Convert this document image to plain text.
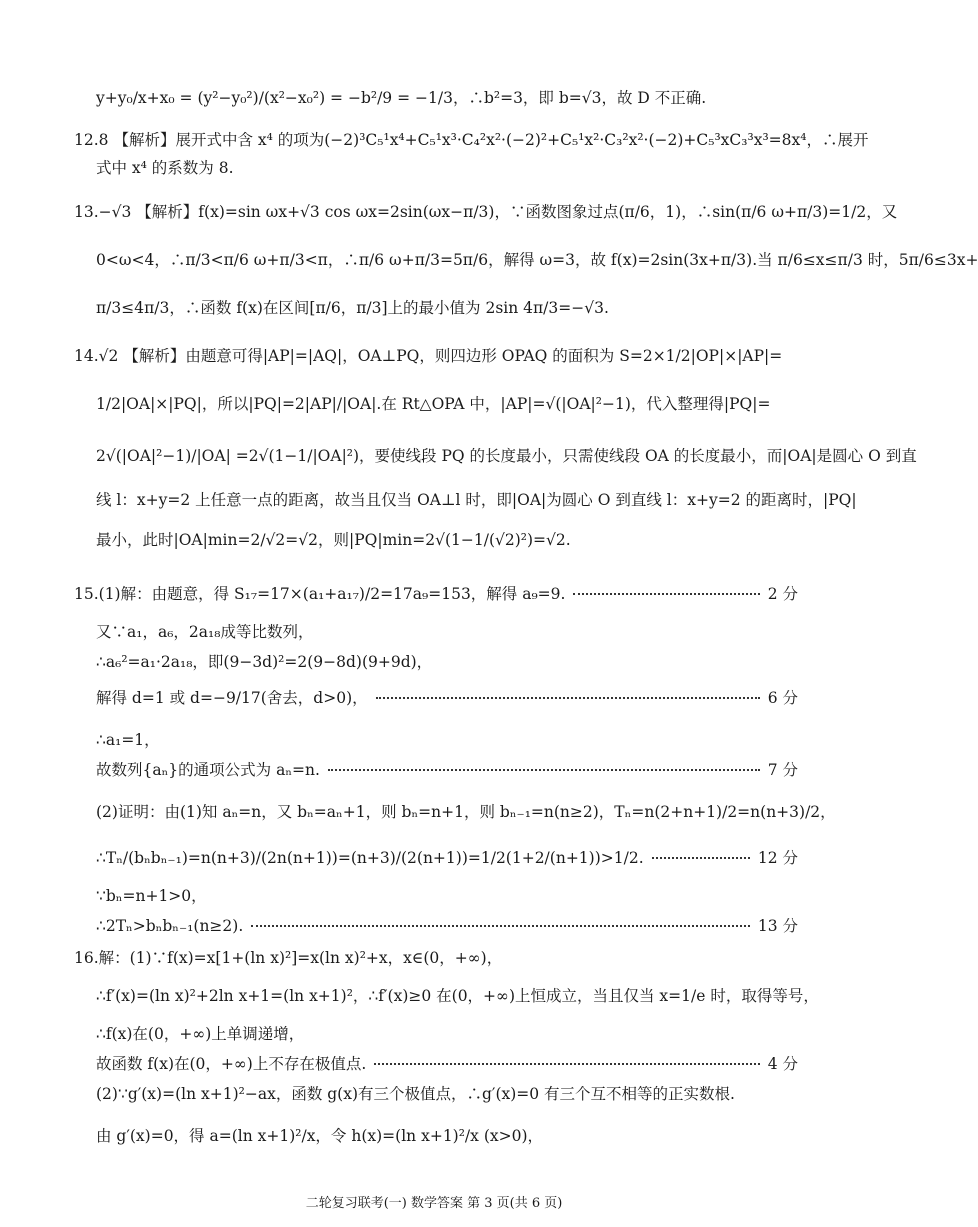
y+y₀/x+x₀ = (y²−y₀²)/(x²−x₀²) = −b²/9 = −1/3，∴b²=3，即 b=√3，故 D 不正确.
12.8 【解析】展开式中含 x⁴ 的项为(−2)³C₅¹x⁴+C₅¹x³·C₄²x²·(−2)²+C₅¹x²·C₃²x²·(−2)+C₅³xC₃³x³=8x⁴，∴展开
式中 x⁴ 的系数为 8.
13.−√3 【解析】f(x)=sin ωx+√3 cos ωx=2sin(ωx−π/3)，∵函数图象过点(π/6，1)，∴sin(π/6 ω+π/3)=1/2，又
0<ω<4，∴π/3<π/6 ω+π/3<π，∴π/6 ω+π/3=5π/6，解得 ω=3，故 f(x)=2sin(3x+π/3).当 π/6≤x≤π/3 时，5π/6≤3x+
π/3≤4π/3，∴函数 f(x)在区间[π/6，π/3]上的最小值为 2sin 4π/3=−√3.
14.√2 【解析】由题意可得|AP|=|AQ|，OA⊥PQ，则四边形 OPAQ 的面积为 S=2×1/2|OP|×|AP|=
1/2|OA|×|PQ|，所以|PQ|=2|AP|/|OA|.在 Rt△OPA 中，|AP|=√(|OA|²−1)，代入整理得|PQ|=
2√(|OA|²−1)/|OA| =2√(1−1/|OA|²)，要使线段 PQ 的长度最小，只需使线段 OA 的长度最小，而|OA|是圆心 O 到直
线 l：x+y=2 上任意一点的距离，故当且仅当 OA⊥l 时，即|OA|为圆心 O 到直线 l：x+y=2 的距离时，|PQ|
最小，此时|OA|min=2/√2=√2，则|PQ|min=2√(1−1/(√2)²)=√2.
15.(1)解：由题意，得 S₁₇=17×(a₁+a₁₇)/2=17a₉=153，解得 a₉=9.	2 分
又∵a₁，a₆，2a₁₈成等比数列，
∴a₆²=a₁·2a₁₈，即(9−3d)²=2(9−8d)(9+9d)，
解得 d=1 或 d=−9/17(舍去，d>0)，	6 分
∴a₁=1，
故数列{aₙ}的通项公式为 aₙ=n.	7 分
(2)证明：由(1)知 aₙ=n，又 bₙ=aₙ+1，则 bₙ=n+1，则 bₙ₋₁=n(n≥2)，Tₙ=n(2+n+1)/2=n(n+3)/2，
∴Tₙ/(bₙbₙ₋₁)=n(n+3)/(2n(n+1))=(n+3)/(2(n+1))=1/2(1+2/(n+1))>1/2.	12 分
∵bₙ=n+1>0，
∴2Tₙ>bₙbₙ₋₁(n≥2).	13 分
16.解：(1)∵f(x)=x[1+(ln x)²]=x(ln x)²+x，x∈(0，+∞)，
∴f′(x)=(ln x)²+2ln x+1=(ln x+1)²，∴f′(x)≥0 在(0，+∞)上恒成立，当且仅当 x=1/e 时，取得等号，
∴f(x)在(0，+∞)上单调递增，
故函数 f(x)在(0，+∞)上不存在极值点.	4 分
(2)∵g′(x)=(ln x+1)²−ax，函数 g(x)有三个极值点，∴g′(x)=0 有三个互不相等的正实数根.
由 g′(x)=0，得 a=(ln x+1)²/x，令 h(x)=(ln x+1)²/x (x>0)，
二轮复习联考(一) 数学答案 第 3 页(共 6 页)
